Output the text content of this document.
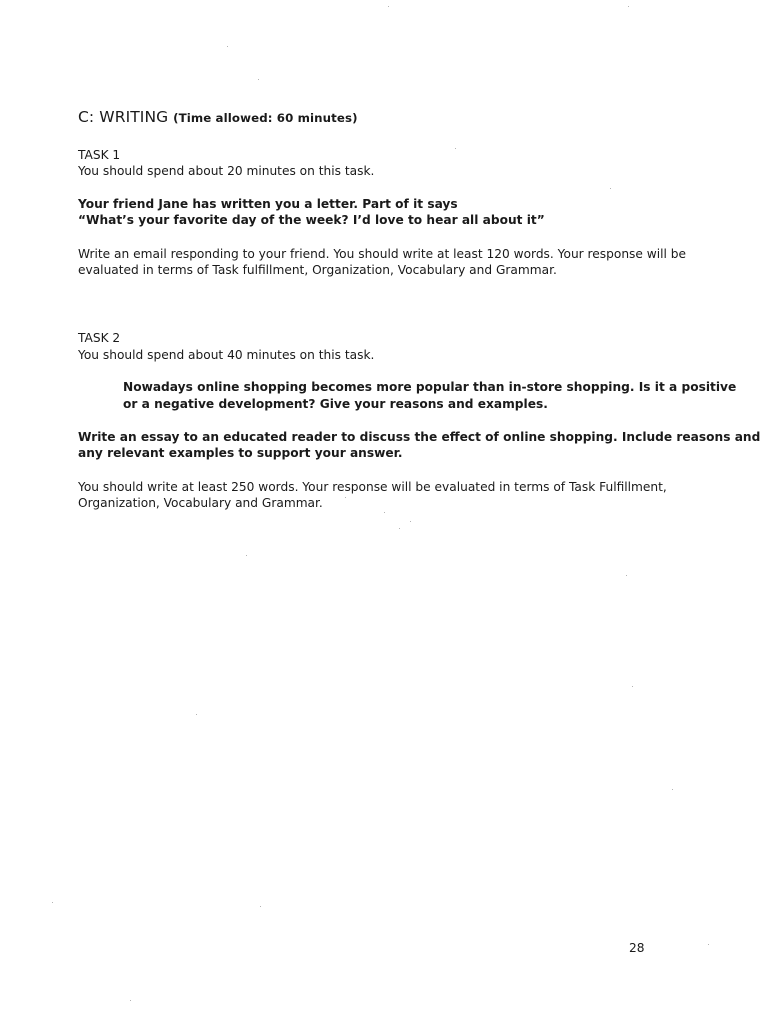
C: WRITING (Time allowed: 60 minutes)

TASK 1

You should spend about 20 minutes on this task.

Your friend Jane has written you a letter. Part of it says

“What’s your favorite day of the week? I’d love to hear all about it”

Write an email responding to your friend. You should write at least 120 words. Your response will be

evaluated in terms of Task fulfillment, Organization, Vocabulary and Grammar.

TASK 2

You should spend about 40 minutes on this task.

Nowadays online shopping becomes more popular than in-store shopping. Is it a positive

or a negative development? Give your reasons and examples.

Write an essay to an educated reader to discuss the effect of online shopping. Include reasons and

any relevant examples to support your answer.

You should write at least 250 words. Your response will be evaluated in terms of Task Fulfillment,

Organization, Vocabulary and Grammar.

28
